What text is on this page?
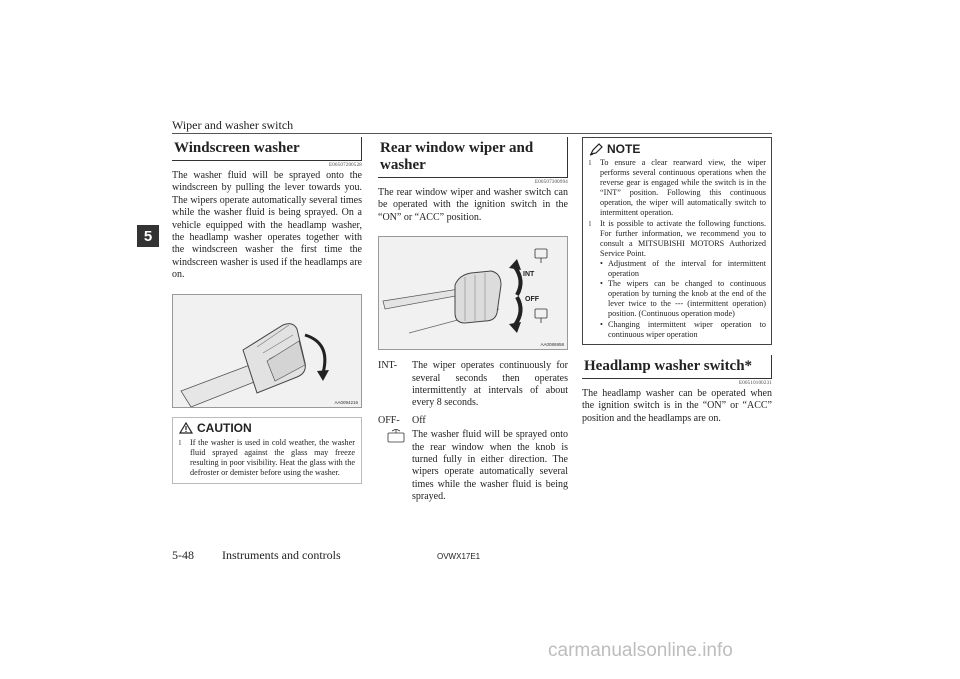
Wiper and washer switch
5
Windscreen washer
E00507200528
The washer fluid will be sprayed onto the windscreen by pulling the lever towards you. The wipers operate automatically several times while the washer fluid is being sprayed. On a vehicle equipped with the headlamp washer, the headlamp washer operates together with the windscreen washer the first time the windscreen washer is used if the headlamps are on.
AA0094216
CAUTION
l	If the washer is used in cold weather, the washer fluid sprayed against the glass may freeze resulting in poor visibility. Heat the glass with the defroster or demister before using the washer.
Rear window wiper and washer
E00507300994
The rear window wiper and washer switch can be operated with the ignition switch in the “ON” or “ACC” position.
INT
OFF
AA0086958
INT-	The wiper operates continuously for several seconds then operates intermittently at intervals of about every 8 seconds.
OFF-	Off
The washer fluid will be sprayed onto the rear window when the knob is turned fully in either direction. The wipers operate automatically several times while the washer fluid is being sprayed.
NOTE
l	To ensure a clear rearward view, the wiper performs several continuous operations when the reverse gear is engaged while the switch is in the “INT” position. Following this continuous operation, the wiper will automatically switch to intermittent operation.
l	It is possible to activate the following functions. For further information, we recommend you to consult a MITSUBISHI MOTORS Authorized Service Point.
• Adjustment of the interval for intermittent operation
• The wipers can be changed to continuous operation by turning the knob at the end of the lever twice to the --- (intermittent operation) position. (Continuous operation mode)
• Changing intermittent wiper operation to continuous wiper operation
Headlamp washer switch*
E00510100231
The headlamp washer can be operated when the ignition switch is in the “ON” or “ACC” position and the headlamps are on.
5-48 Instruments and controls	OVWX17E1
carmanualsonline.info
